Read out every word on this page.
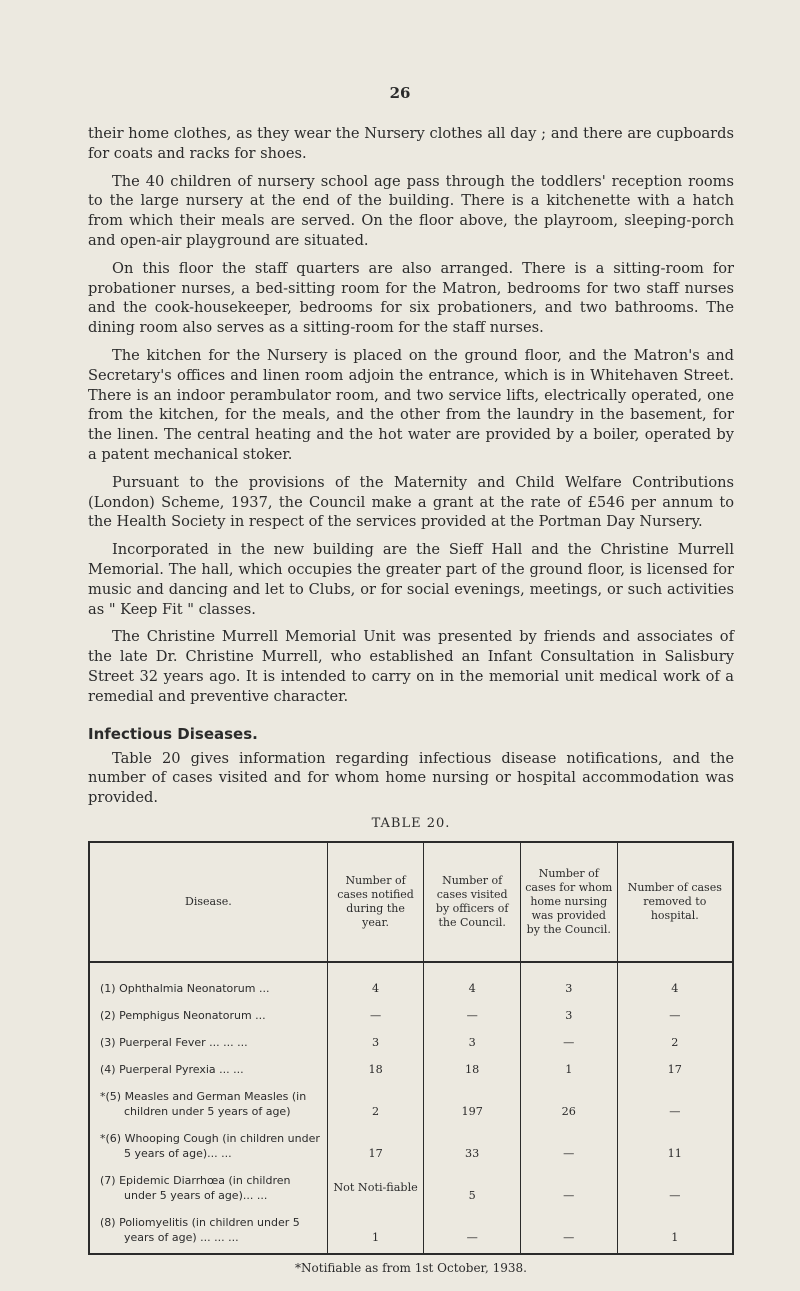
26

their home clothes, as they wear the Nursery clothes all day ; and there are cupboards for coats and racks for shoes.

The 40 children of nursery school age pass through the toddlers' reception rooms to the large nursery at the end of the building. There is a kitchenette with a hatch from which their meals are served. On the floor above, the playroom, sleeping-porch and open-air playground are situated.

On this floor the staff quarters are also arranged. There is a sitting-room for probationer nurses, a bed-sitting room for the Matron, bedrooms for two staff nurses and the cook-housekeeper, bedrooms for six probationers, and two bathrooms. The dining room also serves as a sitting-room for the staff nurses.

The kitchen for the Nursery is placed on the ground floor, and the Matron's and Secretary's offices and linen room adjoin the entrance, which is in Whitehaven Street. There is an indoor perambulator room, and two service lifts, electrically operated, one from the kitchen, for the meals, and the other from the laundry in the basement, for the linen. The central heating and the hot water are provided by a boiler, operated by a patent mechanical stoker.

Pursuant to the provisions of the Maternity and Child Welfare Contributions (London) Scheme, 1937, the Council make a grant at the rate of £546 per annum to the Health Society in respect of the services provided at the Portman Day Nursery.

Incorporated in the new building are the Sieff Hall and the Christine Murrell Memorial. The hall, which occupies the greater part of the ground floor, is licensed for music and dancing and let to Clubs, or for social evenings, meetings, or such activities as " Keep Fit " classes.

The Christine Murrell Memorial Unit was presented by friends and associates of the late Dr. Christine Murrell, who established an Infant Consultation in Salisbury Street 32 years ago. It is intended to carry on in the memorial unit medical work of a remedial and preventive character.

Infectious Diseases.

Table 20 gives information regarding infectious disease notifications, and the number of cases visited and for whom home nursing or hospital accommodation was provided.

TABLE 20.
Disease.	Number of cases notified during the year.	Number of cases visited by officers of the Council.	Number of cases for whom home nursing was provided by the Council.	Number of cases removed to hospital.

(1) Ophthalmia Neonatorum ...	4	4	3	4

(2) Pemphigus Neonatorum ...	—	—	3	—

(3) Puerperal Fever ... ... ...	3	3	—	2

(4) Puerperal Pyrexia ... ...	18	18	1	17

*(5) Measles and German Measles (in children under 5 years of age)	2	197	26	—

*(6) Whooping Cough (in children under 5 years of age)... ...	17	33	—	11

(7) Epidemic Diarrhœa (in children under 5 years of age)... ...	Not Noti-fiable	5	—	—

(8) Poliomyelitis (in children under 5 years of age) ... ... ...	1	—	—	1
*Notifiable as from 1st October, 1938.
